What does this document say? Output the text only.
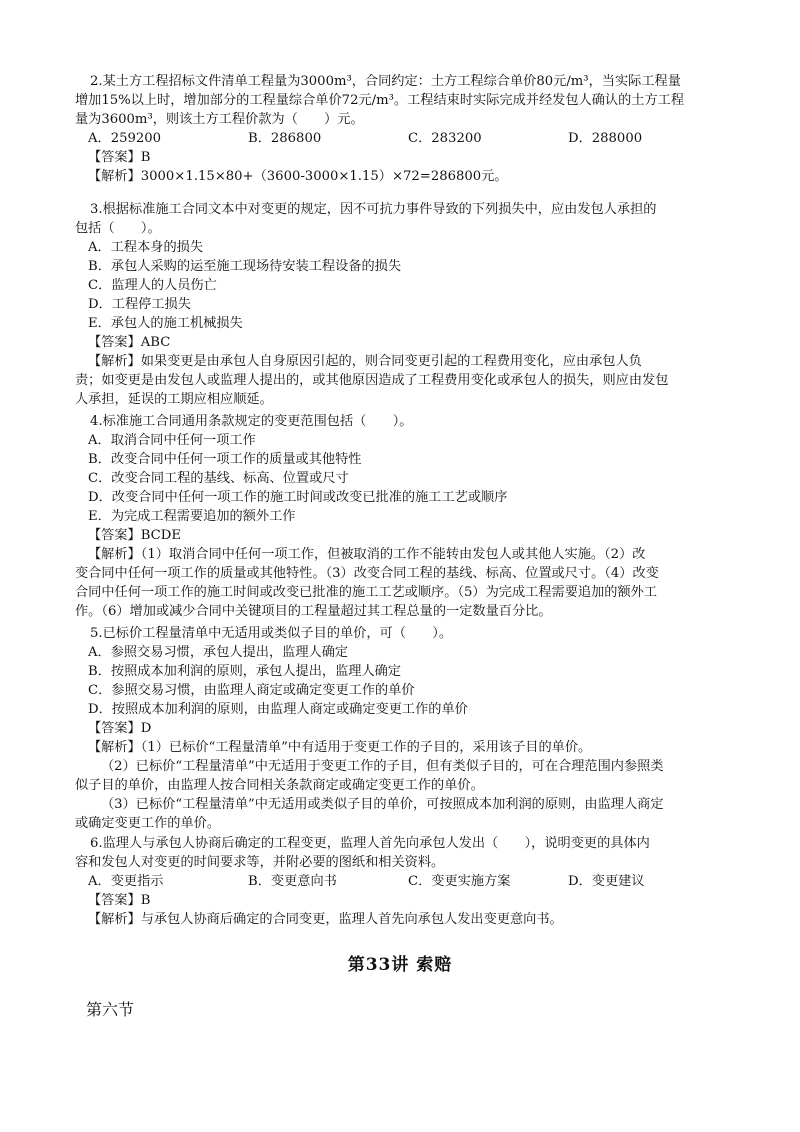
2.某土方工程招标文件清单工程量为3000m³，合同约定：土方工程综合单价80元/m³，当实际工程量
增加15%以上时，增加部分的工程量综合单价72元/m³。工程结束时实际完成并经发包人确认的土方工程
量为3600m³，则该土方工程价款为（　　）元。
A．259200	B．286800	C．283200	D．288000
【答案】B
【解析】3000×1.15×80+（3600-3000×1.15）×72=286800元。
3.根据标准施工合同文本中对变更的规定，因不可抗力事件导致的下列损失中，应由发包人承担的
包括（　　）。
A．工程本身的损失
B．承包人采购的运至施工现场待安装工程设备的损失
C．监理人的人员伤亡
D．工程停工损失
E．承包人的施工机械损失
【答案】ABC
【解析】如果变更是由承包人自身原因引起的，则合同变更引起的工程费用变化，应由承包人负
责；如变更是由发包人或监理人提出的，或其他原因造成了工程费用变化或承包人的损失，则应由发包
人承担，延误的工期应相应顺延。
4.标准施工合同通用条款规定的变更范围包括（　　）。
A．取消合同中任何一项工作
B．改变合同中任何一项工作的质量或其他特性
C．改变合同工程的基线、标高、位置或尺寸
D．改变合同中任何一项工作的施工时间或改变已批准的施工工艺或顺序
E．为完成工程需要追加的额外工作
【答案】BCDE
【解析】（1）取消合同中任何一项工作，但被取消的工作不能转由发包人或其他人实施。（2）改
变合同中任何一项工作的质量或其他特性。（3）改变合同工程的基线、标高、位置或尺寸。（4）改变
合同中任何一项工作的施工时间或改变已批准的施工工艺或顺序。（5）为完成工程需要追加的额外工
作。（6）增加或减少合同中关键项目的工程量超过其工程总量的一定数量百分比。
5.已标价工程量清单中无适用或类似子目的单价，可（　　）。
A．参照交易习惯，承包人提出，监理人确定
B．按照成本加利润的原则，承包人提出，监理人确定
C．参照交易习惯，由监理人商定或确定变更工作的单价
D．按照成本加利润的原则，由监理人商定或确定变更工作的单价
【答案】D
【解析】（1）已标价“工程量清单”中有适用于变更工作的子目的，采用该子目的单价。
（2）已标价“工程量清单”中无适用于变更工作的子目，但有类似子目的，可在合理范围内参照类
似子目的单价，由监理人按合同相关条款商定或确定变更工作的单价。
（3）已标价“工程量清单”中无适用或类似子目的单价，可按照成本加利润的原则，由监理人商定
或确定变更工作的单价。
6.监理人与承包人协商后确定的工程变更，监理人首先向承包人发出（　　），说明变更的具体内
容和发包人对变更的时间要求等，并附必要的图纸和相关资料。
A．变更指示	B．变更意向书	C．变更实施方案	D．变更建议
【答案】B
【解析】与承包人协商后确定的合同变更，监理人首先向承包人发出变更意向书。
第33讲 索赔
第六节
